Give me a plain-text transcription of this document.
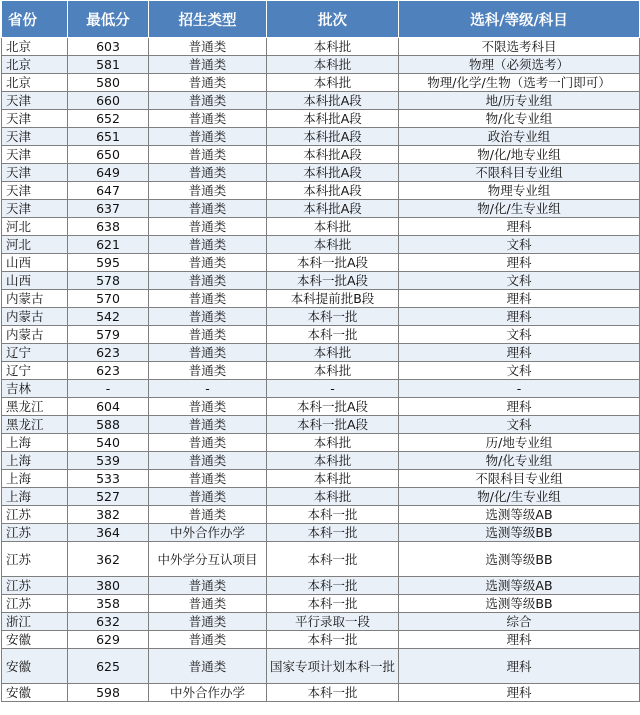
省份	最低分	招生类型	批次	选科/等级/科目
北京	603	普通类	本科批	不限选考科目
北京	581	普通类	本科批	物理（必须选考）
北京	580	普通类	本科批	物理/化学/生物（选考一门即可）
天津	660	普通类	本科批A段	地/历专业组
天津	652	普通类	本科批A段	物/化专业组
天津	651	普通类	本科批A段	政治专业组
天津	650	普通类	本科批A段	物/化/地专业组
天津	649	普通类	本科批A段	不限科目专业组
天津	647	普通类	本科批A段	物理专业组
天津	637	普通类	本科批A段	物/化/生专业组
河北	638	普通类	本科批	理科
河北	621	普通类	本科批	文科
山西	595	普通类	本科一批A段	理科
山西	578	普通类	本科一批A段	文科
内蒙古	570	普通类	本科提前批B段	理科
内蒙古	542	普通类	本科一批	理科
内蒙古	579	普通类	本科一批	文科
辽宁	623	普通类	本科批	理科
辽宁	623	普通类	本科批	文科
吉林	-	-	-	-
黑龙江	604	普通类	本科一批A段	理科
黑龙江	588	普通类	本科一批A段	文科
上海	540	普通类	本科批	历/地专业组
上海	539	普通类	本科批	物/化专业组
上海	533	普通类	本科批	不限科目专业组
上海	527	普通类	本科批	物/化/生专业组
江苏	382	普通类	本科一批	选测等级AB
江苏	364	中外合作办学	本科一批	选测等级BB
江苏	362	中外学分互认项目	本科一批	选测等级BB
江苏	380	普通类	本科一批	选测等级AB
江苏	358	普通类	本科一批	选测等级BB
浙江	632	普通类	平行录取一段	综合
安徽	629	普通类	本科一批	理科
安徽	625	普通类	国家专项计划本科一批	理科
安徽	598	中外合作办学	本科一批	理科
